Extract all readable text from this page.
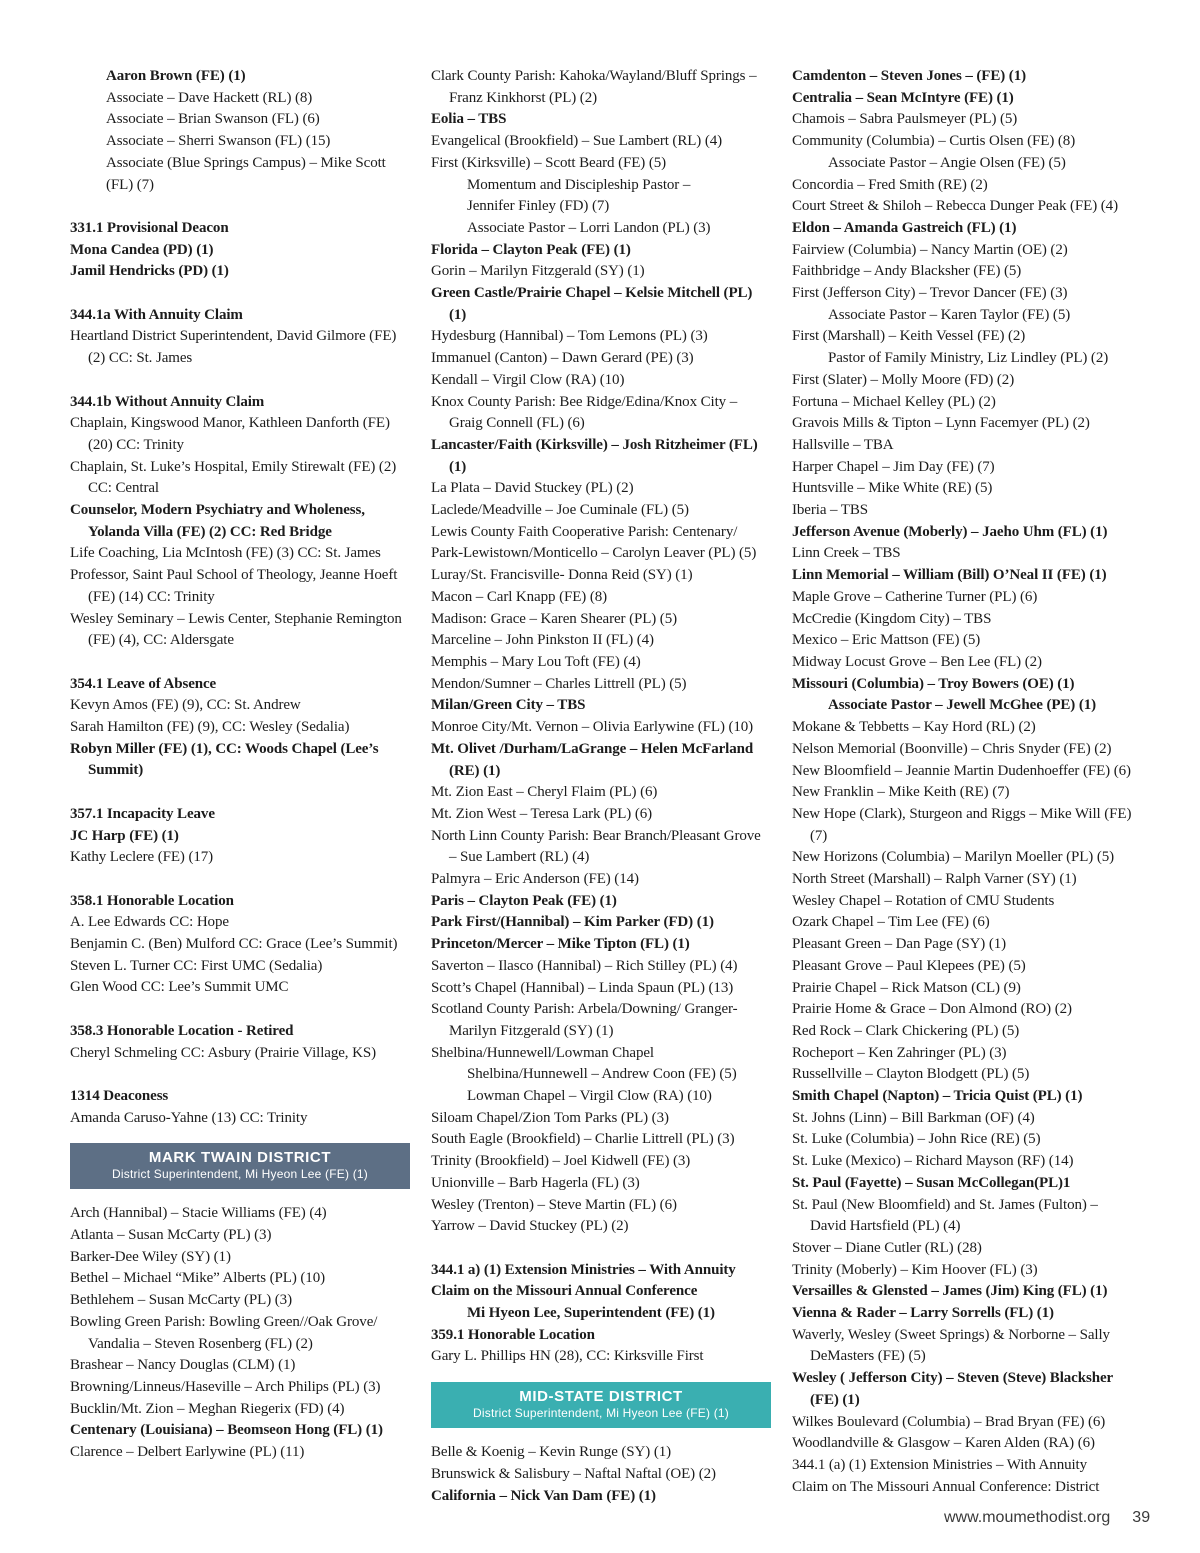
Aaron Brown (FE) (1)

Associate – Dave Hackett (RL) (8)

Associate – Brian Swanson (FL) (6)

Associate – Sherri Swanson (FL) (15)

Associate (Blue Springs Campus) – Mike Scott

(FL) (7)

331.1 Provisional Deacon

Mona Candea (PD) (1)

Jamil Hendricks (PD) (1)

344.1a With Annuity Claim

Heartland District Superintendent, David Gilmore (FE) (2) CC: St. James

344.1b Without Annuity Claim

Chaplain, Kingswood Manor, Kathleen Danforth (FE) (20) CC: Trinity

Chaplain, St. Luke’s Hospital, Emily Stirewalt (FE) (2) CC: Central

Counselor, Modern Psychiatry and Wholeness, Yolanda Villa (FE) (2) CC: Red Bridge

Life Coaching, Lia McIntosh (FE) (3) CC: St. James

Professor, Saint Paul School of Theology, Jeanne Hoeft (FE) (14) CC: Trinity

Wesley Seminary – Lewis Center, Stephanie Remington (FE) (4), CC: Aldersgate

354.1 Leave of Absence

Kevyn Amos (FE) (9), CC: St. Andrew

Sarah Hamilton (FE) (9), CC: Wesley (Sedalia)

Robyn Miller (FE) (1), CC: Woods Chapel (Lee’s Summit)

357.1 Incapacity Leave

JC Harp (FE) (1)

Kathy Leclere (FE) (17)

358.1 Honorable Location

A. Lee Edwards CC: Hope

Benjamin C. (Ben) Mulford CC: Grace (Lee’s Summit)

Steven L. Turner CC: First UMC (Sedalia)

Glen Wood CC: Lee’s Summit UMC

358.3 Honorable Location - Retired

Cheryl Schmeling CC: Asbury (Prairie Village, KS)

1314 Deaconess

Amanda Caruso-Yahne (13) CC: Trinity

MARK TWAIN DISTRICT
District Superintendent, Mi Hyeon Lee (FE) (1)

Arch (Hannibal) – Stacie Williams (FE) (4)

Atlanta – Susan McCarty (PL) (3)

Barker-Dee Wiley (SY) (1)

Bethel – Michael “Mike” Alberts (PL) (10)

Bethlehem – Susan McCarty (PL) (3)

Bowling Green Parish: Bowling Green//Oak Grove/ Vandalia – Steven Rosenberg (FL) (2)

Brashear – Nancy Douglas (CLM) (1)

Browning/Linneus/Haseville – Arch Philips (PL) (3)

Bucklin/Mt. Zion – Meghan Riegerix (FD) (4)

Centenary (Louisiana) – Beomseon Hong (FL) (1)

Clarence – Delbert Earlywine (PL) (11)

Clark County Parish: Kahoka/Wayland/Bluff Springs – Franz Kinkhorst (PL) (2)

Eolia – TBS

Evangelical (Brookfield) – Sue Lambert (RL) (4)

First (Kirksville) – Scott Beard (FE) (5)

Momentum and Discipleship Pastor –

Jennifer Finley (FD) (7)

Associate Pastor – Lorri Landon (PL) (3)

Florida – Clayton Peak (FE) (1)

Gorin – Marilyn Fitzgerald (SY) (1)

Green Castle/Prairie Chapel – Kelsie Mitchell (PL) (1)

Hydesburg (Hannibal) – Tom Lemons (PL) (3)

Immanuel (Canton) – Dawn Gerard (PE) (3)

Kendall – Virgil Clow (RA) (10)

Knox County Parish: Bee Ridge/Edina/Knox City – Graig Connell (FL) (6)

Lancaster/Faith (Kirksville) – Josh Ritzheimer (FL) (1)

La Plata – David Stuckey (PL) (2)

Laclede/Meadville – Joe Cuminale (FL) (5)

Lewis County Faith Cooperative Parish: Centenary/

Park-Lewistown/Monticello – Carolyn Leaver (PL) (5)

Luray/St. Francisville- Donna Reid (SY) (1)

Macon – Carl Knapp (FE) (8)

Madison: Grace – Karen Shearer (PL) (5)

Marceline – John Pinkston II (FL) (4)

Memphis – Mary Lou Toft (FE) (4)

Mendon/Sumner – Charles Littrell (PL) (5)

Milan/Green City – TBS

Monroe City/Mt. Vernon – Olivia Earlywine (FL) (10)

Mt. Olivet /Durham/LaGrange – Helen McFarland (RE) (1)

Mt. Zion East – Cheryl Flaim (PL) (6)

Mt. Zion West – Teresa Lark (PL) (6)

North Linn County Parish: Bear Branch/Pleasant Grove – Sue Lambert (RL) (4)

Palmyra – Eric Anderson (FE) (14)

Paris – Clayton Peak (FE) (1)

Park First/(Hannibal) – Kim Parker (FD) (1)

Princeton/Mercer – Mike Tipton (FL) (1)

Saverton – Ilasco (Hannibal) – Rich Stilley (PL) (4)

Scott’s Chapel (Hannibal) – Linda Spaun (PL) (13)

Scotland County Parish: Arbela/Downing/ Granger- Marilyn Fitzgerald (SY) (1)

Shelbina/Hunnewell/Lowman Chapel

Shelbina/Hunnewell – Andrew Coon (FE) (5)

Lowman Chapel – Virgil Clow (RA) (10)

Siloam Chapel/Zion Tom Parks (PL) (3)

South Eagle (Brookfield) – Charlie Littrell (PL) (3)

Trinity (Brookfield) – Joel Kidwell (FE) (3)

Unionville – Barb Hagerla (FL) (3)

Wesley (Trenton) – Steve Martin (FL) (6)

Yarrow – David Stuckey (PL) (2)

344.1 a) (1) Extension Ministries – With Annuity

Claim on the Missouri Annual Conference

Mi Hyeon Lee, Superintendent (FE) (1)

359.1 Honorable Location

Gary L. Phillips HN (28), CC: Kirksville First

MID-STATE DISTRICT
District Superintendent, Mi Hyeon Lee (FE) (1)

Belle & Koenig – Kevin Runge (SY) (1)

Brunswick & Salisbury – Naftal Naftal (OE) (2)

California – Nick Van Dam (FE) (1)

Camdenton – Steven Jones – (FE) (1)

Centralia – Sean McIntyre (FE) (1)

Chamois – Sabra Paulsmeyer (PL) (5)

Community (Columbia) – Curtis Olsen (FE) (8)

Associate Pastor – Angie Olsen (FE) (5)

Concordia – Fred Smith (RE) (2)

Court Street & Shiloh – Rebecca Dunger Peak (FE) (4)

Eldon – Amanda Gastreich (FL) (1)

Fairview (Columbia) – Nancy Martin (OE) (2)

Faithbridge – Andy Blacksher (FE) (5)

First (Jefferson City) – Trevor Dancer (FE) (3)

Associate Pastor – Karen Taylor (FE) (5)

First (Marshall) – Keith Vessel (FE) (2)

Pastor of Family Ministry, Liz Lindley (PL) (2)

First (Slater) – Molly Moore (FD) (2)

Fortuna – Michael Kelley (PL) (2)

Gravois Mills & Tipton – Lynn Facemyer (PL) (2)

Hallsville – TBA

Harper Chapel – Jim Day (FE) (7)

Huntsville – Mike White (RE) (5)

Iberia – TBS

Jefferson Avenue (Moberly) – Jaeho Uhm (FL) (1)

Linn Creek – TBS

Linn Memorial – William (Bill) O’Neal II (FE) (1)

Maple Grove – Catherine Turner (PL) (6)

McCredie (Kingdom City) – TBS

Mexico – Eric Mattson (FE) (5)

Midway Locust Grove – Ben Lee (FL) (2)

Missouri (Columbia) – Troy Bowers (OE) (1)

Associate Pastor – Jewell McGhee (PE) (1)

Mokane & Tebbetts – Kay Hord (RL) (2)

Nelson Memorial (Boonville) – Chris Snyder (FE) (2)

New Bloomfield – Jeannie Martin Dudenhoeffer (FE) (6)

New Franklin – Mike Keith (RE) (7)

New Hope (Clark), Sturgeon and Riggs – Mike Will (FE) (7)

New Horizons (Columbia) – Marilyn Moeller (PL) (5)

North Street (Marshall) – Ralph Varner (SY) (1)

Wesley Chapel – Rotation of CMU Students

Ozark Chapel – Tim Lee (FE) (6)

Pleasant Green – Dan Page (SY) (1)

Pleasant Grove – Paul Klepees (PE) (5)

Prairie Chapel – Rick Matson (CL) (9)

Prairie Home & Grace – Don Almond (RO) (2)

Red Rock – Clark Chickering (PL) (5)

Rocheport – Ken Zahringer (PL) (3)

Russellville – Clayton Blodgett (PL) (5)

Smith Chapel (Napton) – Tricia Quist (PL) (1)

St. Johns (Linn) – Bill Barkman (OF) (4)

St. Luke (Columbia) – John Rice (RE) (5)

St. Luke (Mexico) – Richard Mayson (RF) (14)

St. Paul (Fayette) – Susan McCollegan(PL)1

St. Paul (New Bloomfield) and St. James (Fulton) – David Hartsfield (PL) (4)

Stover – Diane Cutler (RL) (28)

Trinity (Moberly) – Kim Hoover (FL) (3)

Versailles & Glensted – James (Jim) King (FL) (1)

Vienna & Rader – Larry Sorrells (FL) (1)

Waverly, Wesley (Sweet Springs) & Norborne – Sally DeMasters (FE) (5)

Wesley ( Jefferson City) – Steven (Steve) Blacksher (FE) (1)

Wilkes Boulevard (Columbia) – Brad Bryan (FE) (6)

Woodlandville & Glasgow – Karen Alden (RA) (6)

344.1 (a) (1) Extension Ministries – With Annuity

Claim on The Missouri Annual Conference: District

www.moumethodist.org 39
